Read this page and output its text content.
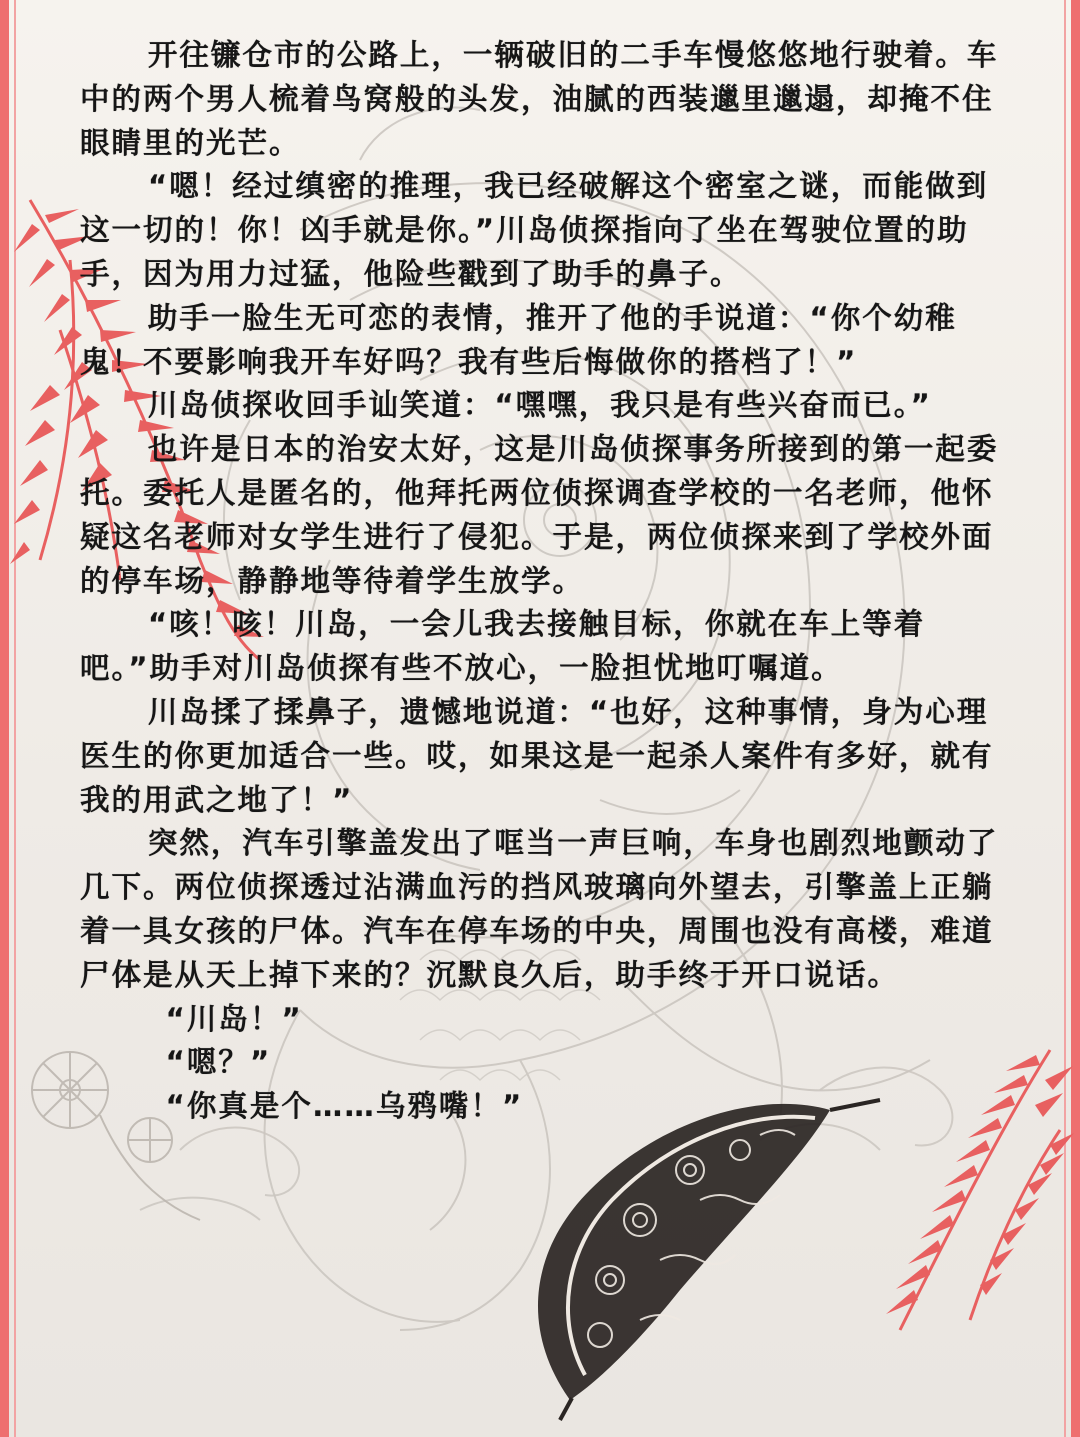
开往镰仓市的公路上，一辆破旧的二手车慢悠悠地行驶着。车中的两个男人梳着鸟窝般的头发，油腻的西装邋里邋遢，却掩不住眼睛里的光芒。

“嗯！经过缜密的推理，我已经破解这个密室之谜，而能做到这一切的！你！凶手就是你。”川岛侦探指向了坐在驾驶位置的助手，因为用力过猛，他险些戳到了助手的鼻子。

助手一脸生无可恋的表情，推开了他的手说道：“你个幼稚鬼！不要影响我开车好吗？我有些后悔做你的搭档了！”

川岛侦探收回手讪笑道：“嘿嘿，我只是有些兴奋而已。”

也许是日本的治安太好，这是川岛侦探事务所接到的第一起委托。委托人是匿名的，他拜托两位侦探调查学校的一名老师，他怀疑这名老师对女学生进行了侵犯。于是，两位侦探来到了学校外面的停车场，静静地等待着学生放学。

“咳！咳！川岛，一会儿我去接触目标，你就在车上等着吧。”助手对川岛侦探有些不放心，一脸担忧地叮嘱道。

川岛揉了揉鼻子，遗憾地说道：“也好，这种事情，身为心理医生的你更加适合一些。哎，如果这是一起杀人案件有多好，就有我的用武之地了！”

突然，汽车引擎盖发出了哐当一声巨响，车身也剧烈地颤动了几下。两位侦探透过沾满血污的挡风玻璃向外望去，引擎盖上正躺着一具女孩的尸体。汽车在停车场的中央，周围也没有高楼，难道尸体是从天上掉下来的？沉默良久后，助手终于开口说话。

“川岛！”

“嗯？”

“你真是个……乌鸦嘴！”
